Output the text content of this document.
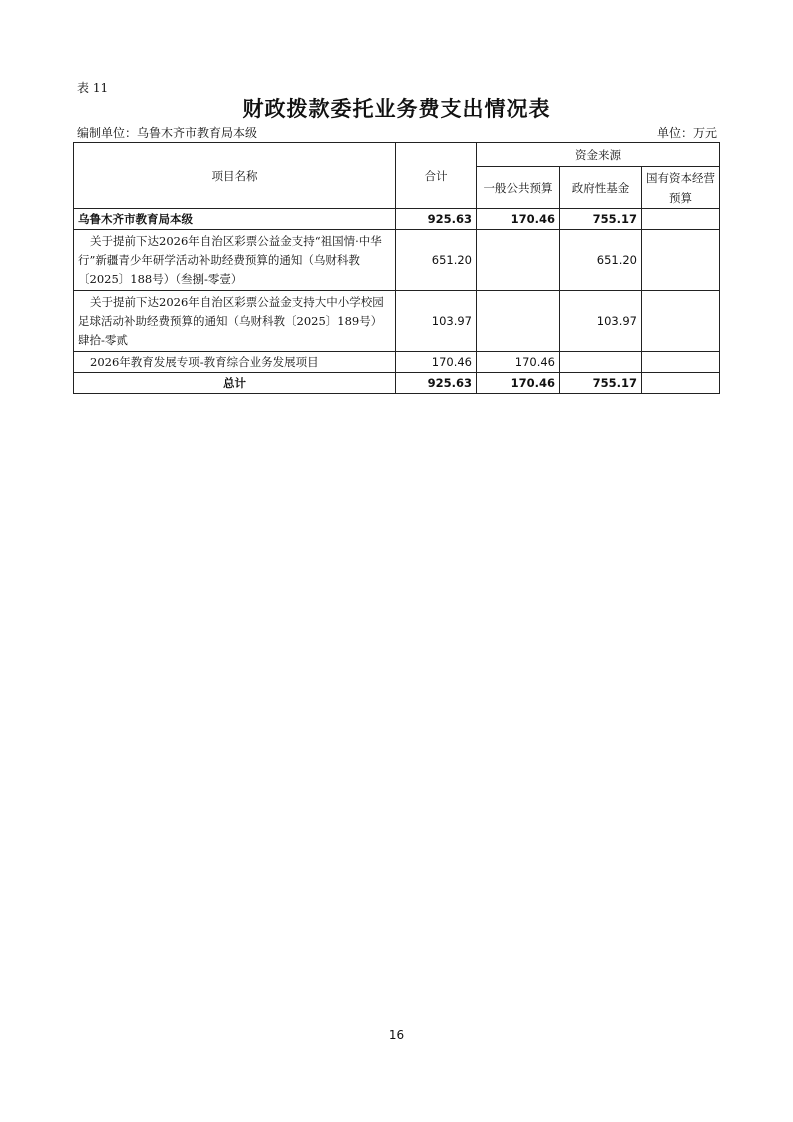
表 11
财政拨款委托业务费支出情况表
编制单位：乌鲁木齐市教育局本级	单位：万元
项目名称	合计	资金来源		
		一般公共预算	政府性基金	国有资本经营预算
乌鲁木齐市教育局本级	925.63	170.46	755.17	
关于提前下达2026年自治区彩票公益金支持“祖国情·中华行”新疆青少年研学活动补助经费预算的通知（乌财科教〔2025〕188号）（叁捌-零壹）	651.20		651.20	
关于提前下达2026年自治区彩票公益金支持大中小学校园足球活动补助经费预算的通知（乌财科教〔2025〕189号）肆拾-零贰	103.97		103.97	
2026年教育发展专项-教育综合业务发展项目	170.46	170.46		
总计	925.63	170.46	755.17	
16
